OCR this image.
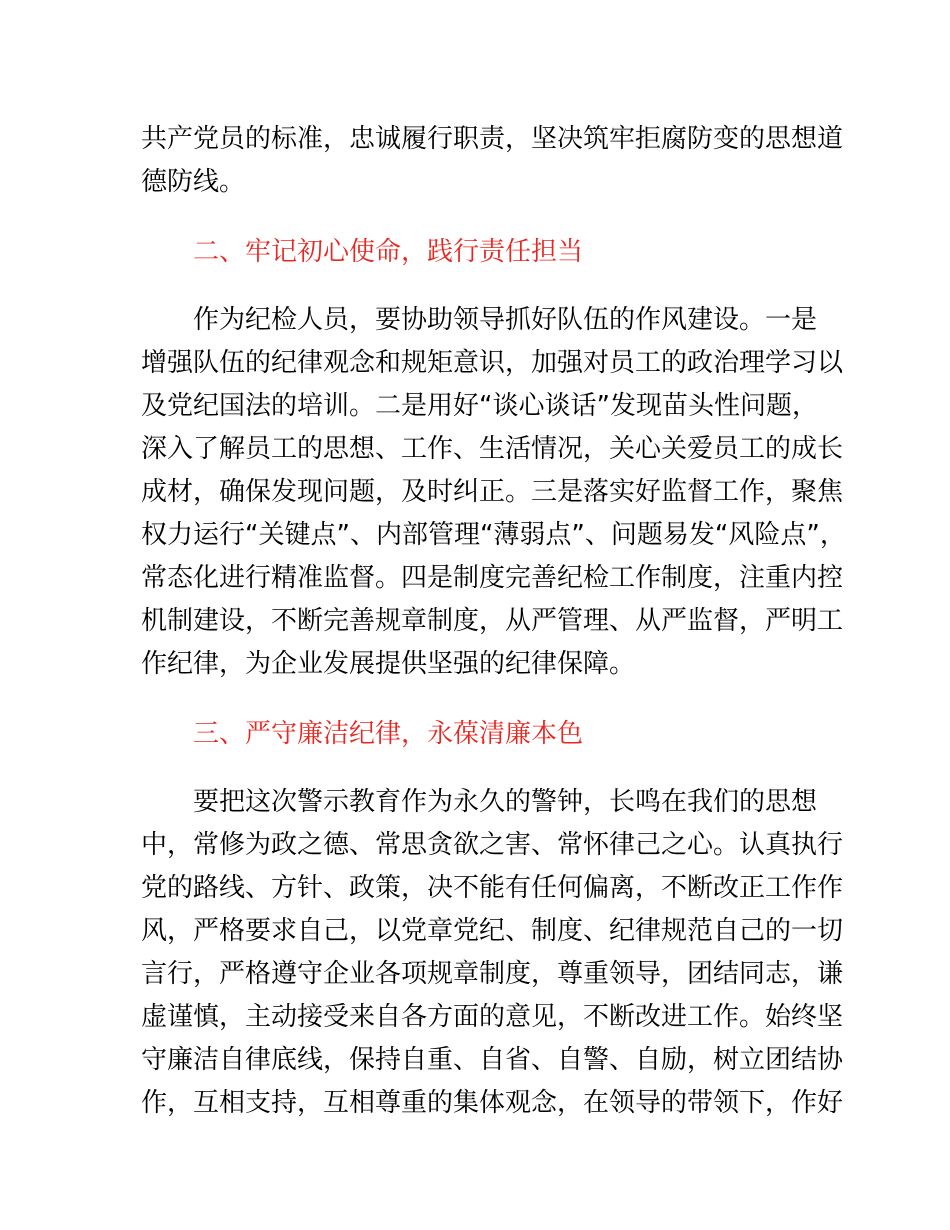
共产党员的标准，忠诚履行职责，坚决筑牢拒腐防变的思想道
德防线。
二、牢记初心使命，践行责任担当
作为纪检人员，要协助领导抓好队伍的作风建设。一是
增强队伍的纪律观念和规矩意识，加强对员工的政治理学习以
及党纪国法的培训。二是用好“谈心谈话”发现苗头性问题，
深入了解员工的思想、工作、生活情况，关心关爱员工的成长
成材，确保发现问题，及时纠正。三是落实好监督工作，聚焦
权力运行“关键点”、内部管理“薄弱点”、问题易发“风险点”，
常态化进行精准监督。四是制度完善纪检工作制度，注重内控
机制建设，不断完善规章制度，从严管理、从严监督，严明工
作纪律，为企业发展提供坚强的纪律保障。
三、严守廉洁纪律，永葆清廉本色
要把这次警示教育作为永久的警钟，长鸣在我们的思想
中，常修为政之德、常思贪欲之害、常怀律己之心。认真执行
党的路线、方针、政策，决不能有任何偏离，不断改正工作作
风，严格要求自己，以党章党纪、制度、纪律规范自己的一切
言行，严格遵守企业各项规章制度，尊重领导，团结同志，谦
虚谨慎，主动接受来自各方面的意见，不断改进工作。始终坚
守廉洁自律底线，保持自重、自省、自警、自励，树立团结协
作，互相支持，互相尊重的集体观念，在领导的带领下，作好
